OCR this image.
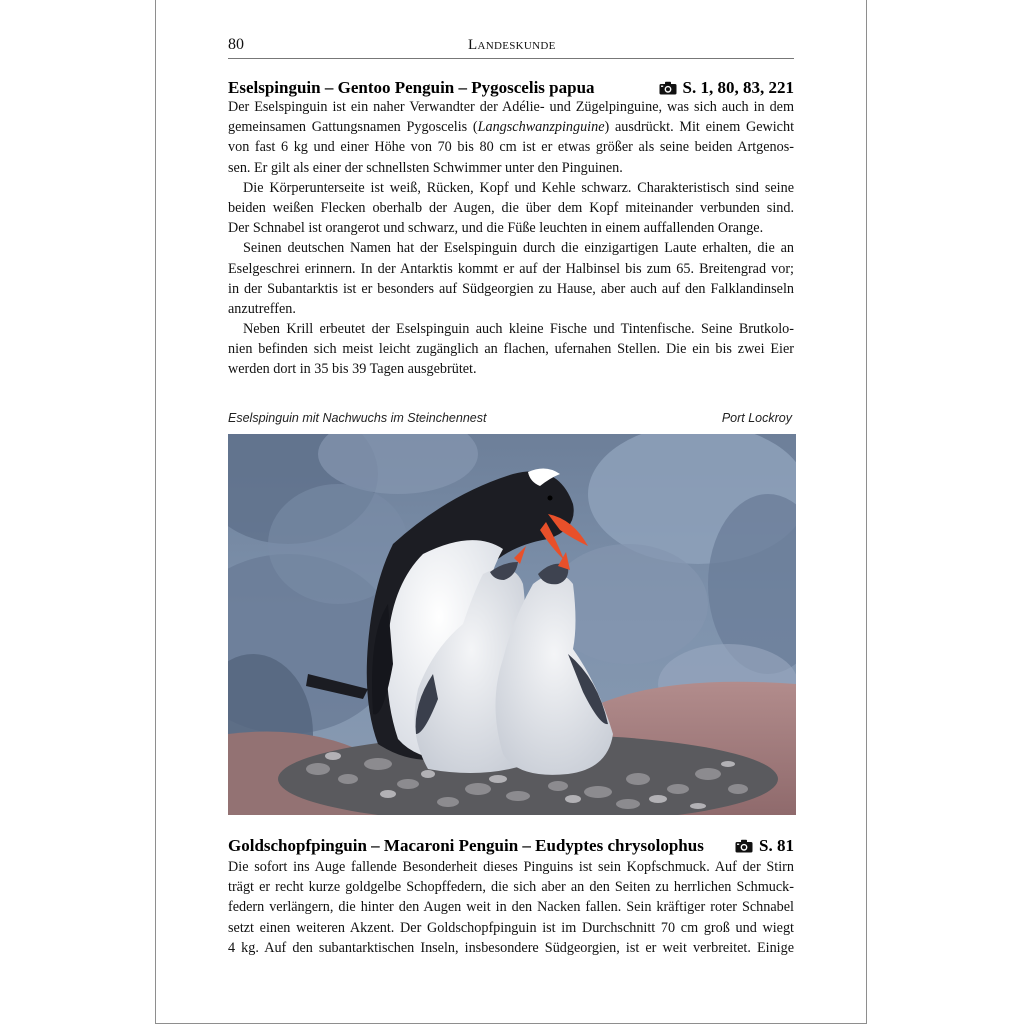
80	Landeskunde
Eselspinguin – Gentoo Penguin – Pygoscelis papua	S. 1, 80, 83, 221
Der Eselspinguin ist ein naher Verwandter der Adélie- und Zügelpinguine, was sich auch in dem
gemeinsamen Gattungsnamen Pygoscelis (Langschwanzpinguine) ausdrückt. Mit einem Gewicht
von fast 6 kg und einer Höhe von 70 bis 80 cm ist er etwas größer als seine beiden Artgenos-
sen. Er gilt als einer der schnellsten Schwimmer unter den Pinguinen.
Die Körperunterseite ist weiß, Rücken, Kopf und Kehle schwarz. Charakteristisch sind seine
beiden weißen Flecken oberhalb der Augen, die über dem Kopf miteinander verbunden sind.
Der Schnabel ist orangerot und schwarz, und die Füße leuchten in einem auffallenden Orange.
Seinen deutschen Namen hat der Eselspinguin durch die einzigartigen Laute erhalten, die an
Eselgeschrei erinnern. In der Antarktis kommt er auf der Halbinsel bis zum 65. Breitengrad vor;
in der Subantarktis ist er besonders auf Südgeorgien zu Hause, aber auch auf den Falklandinseln
anzutreffen.
Neben Krill erbeutet der Eselspinguin auch kleine Fische und Tintenfische. Seine Brutkolo-
nien befinden sich meist leicht zugänglich an flachen, ufernahen Stellen. Die ein bis zwei Eier
werden dort in 35 bis 39 Tagen ausgebrütet.
Eselspinguin mit Nachwuchs im Steinchennest	Port Lockroy
Goldschopfpinguin – Macaroni Penguin – Eudyptes chrysolophus	S. 81
Die sofort ins Auge fallende Besonderheit dieses Pinguins ist sein Kopfschmuck. Auf der Stirn
trägt er recht kurze goldgelbe Schopffedern, die sich aber an den Seiten zu herrlichen Schmuck-
federn verlängern, die hinter den Augen weit in den Nacken fallen. Sein kräftiger roter Schnabel
setzt einen weiteren Akzent. Der Goldschopfpinguin ist im Durchschnitt 70 cm groß und wiegt
4 kg. Auf den subantarktischen Inseln, insbesondere Südgeorgien, ist er weit verbreitet. Einige
